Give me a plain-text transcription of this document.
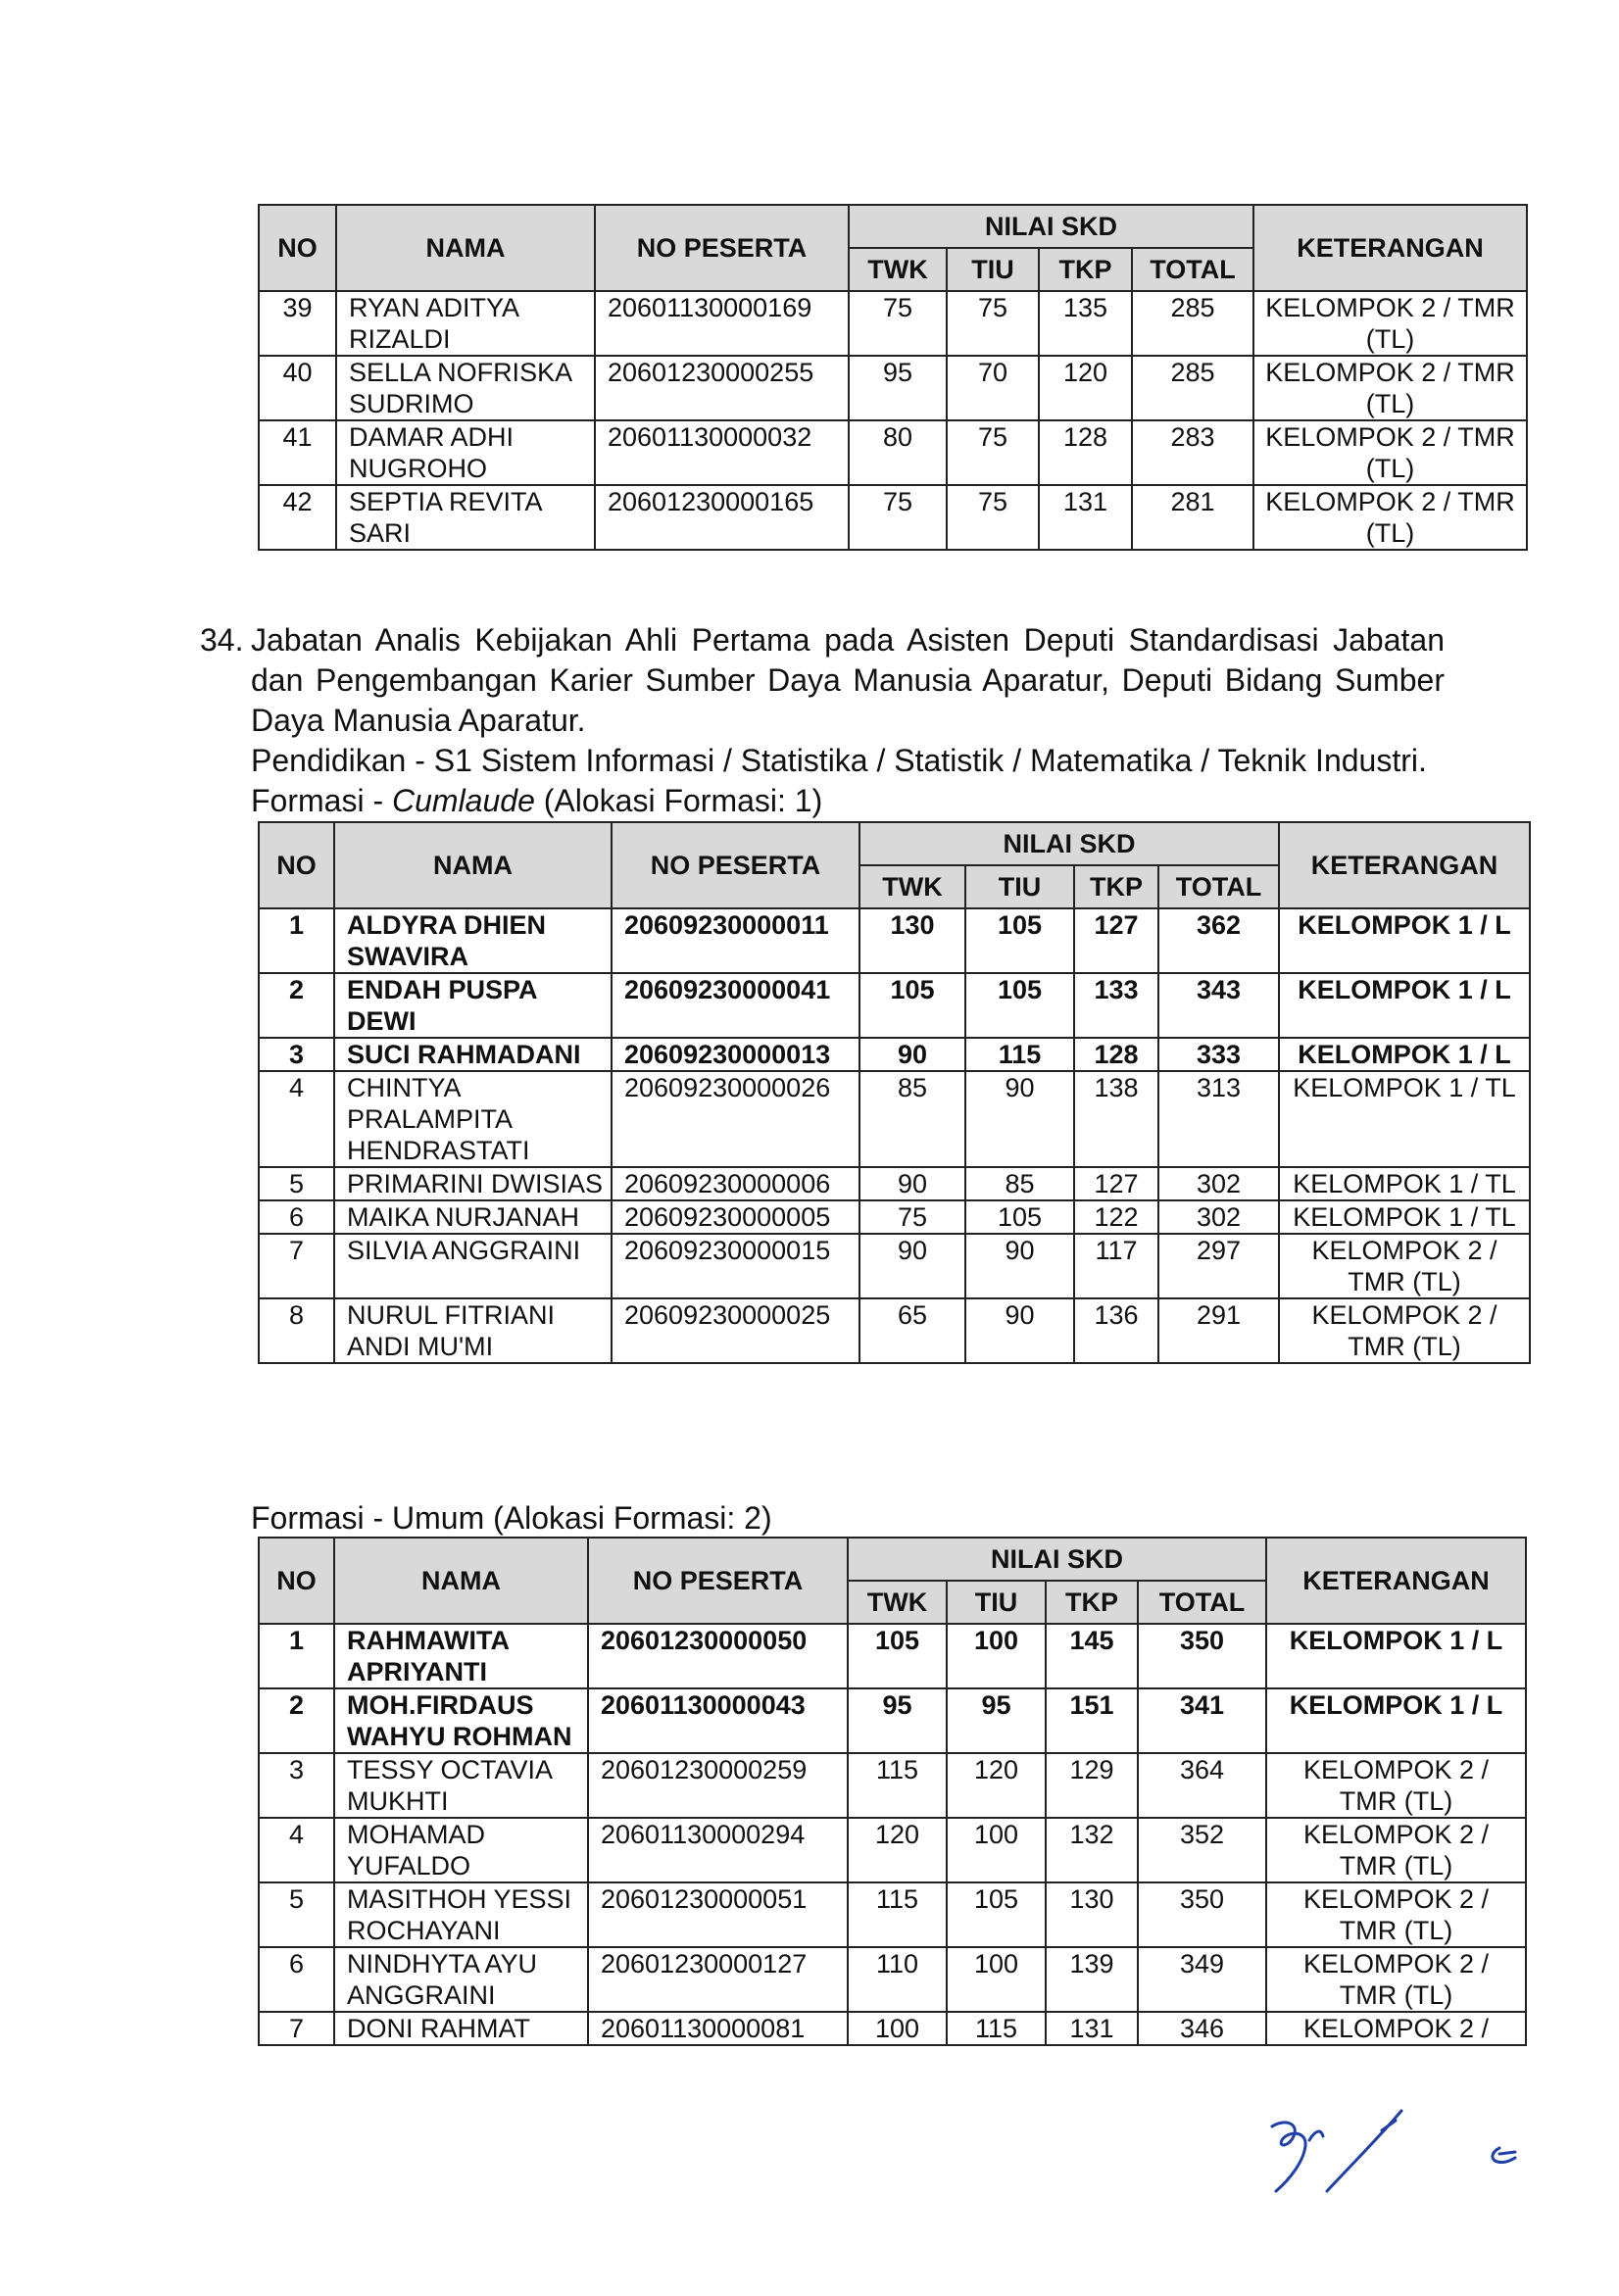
NO	NAMA	NO PESERTA	NILAI SKD				KETERANGAN
			TWK	TIU	TKP	TOTAL	
39	RYAN ADITYA RIZALDI	20601130000169	75	75	135	285	KELOMPOK 2 / TMR (TL)
40	SELLA NOFRISKA SUDRIMO	20601230000255	95	70	120	285	KELOMPOK 2 / TMR (TL)
41	DAMAR ADHI NUGROHO	20601130000032	80	75	128	283	KELOMPOK 2 / TMR (TL)
42	SEPTIA REVITA SARI	20601230000165	75	75	131	281	KELOMPOK 2 / TMR (TL)
34. Jabatan Analis Kebijakan Ahli Pertama pada Asisten Deputi Standardisasi Jabatan dan Pengembangan Karier Sumber Daya Manusia Aparatur, Deputi Bidang Sumber Daya Manusia Aparatur.

Pendidikan - S1 Sistem Informasi / Statistika / Statistik / Matematika / Teknik Industri.

Formasi - Cumlaude (Alokasi Formasi: 1)

NO	NAMA	NO PESERTA	NILAI SKD				KETERANGAN
			TWK	TIU	TKP	TOTAL	
1	ALDYRA DHIEN SWAVIRA	20609230000011	130	105	127	362	KELOMPOK 1 / L
2	ENDAH PUSPA DEWI	20609230000041	105	105	133	343	KELOMPOK 1 / L
3	SUCI RAHMADANI	20609230000013	90	115	128	333	KELOMPOK 1 / L
4	CHINTYA PRALAMPITA HENDRASTATI	20609230000026	85	90	138	313	KELOMPOK 1 / TL
5	PRIMARINI DWISIAS	20609230000006	90	85	127	302	KELOMPOK 1 / TL
6	MAIKA NURJANAH	20609230000005	75	105	122	302	KELOMPOK 1 / TL
7	SILVIA ANGGRAINI	20609230000015	90	90	117	297	KELOMPOK 2 / TMR (TL)
8	NURUL FITRIANI ANDI MU'MI	20609230000025	65	90	136	291	KELOMPOK 2 / TMR (TL)
Formasi - Umum (Alokasi Formasi: 2)
NO	NAMA	NO PESERTA	NILAI SKD				KETERANGAN
			TWK	TIU	TKP	TOTAL	
1	RAHMAWITA APRIYANTI	20601230000050	105	100	145	350	KELOMPOK 1 / L
2	MOH.FIRDAUS WAHYU ROHMAN	20601130000043	95	95	151	341	KELOMPOK 1 / L
3	TESSY OCTAVIA MUKHTI	20601230000259	115	120	129	364	KELOMPOK 2 / TMR (TL)
4	MOHAMAD YUFALDO	20601130000294	120	100	132	352	KELOMPOK 2 / TMR (TL)
5	MASITHOH YESSI ROCHAYANI	20601230000051	115	105	130	350	KELOMPOK 2 / TMR (TL)
6	NINDHYTA AYU ANGGRAINI	20601230000127	110	100	139	349	KELOMPOK 2 / TMR (TL)
7	DONI RAHMAT	20601130000081	100	115	131	346	KELOMPOK 2 /
